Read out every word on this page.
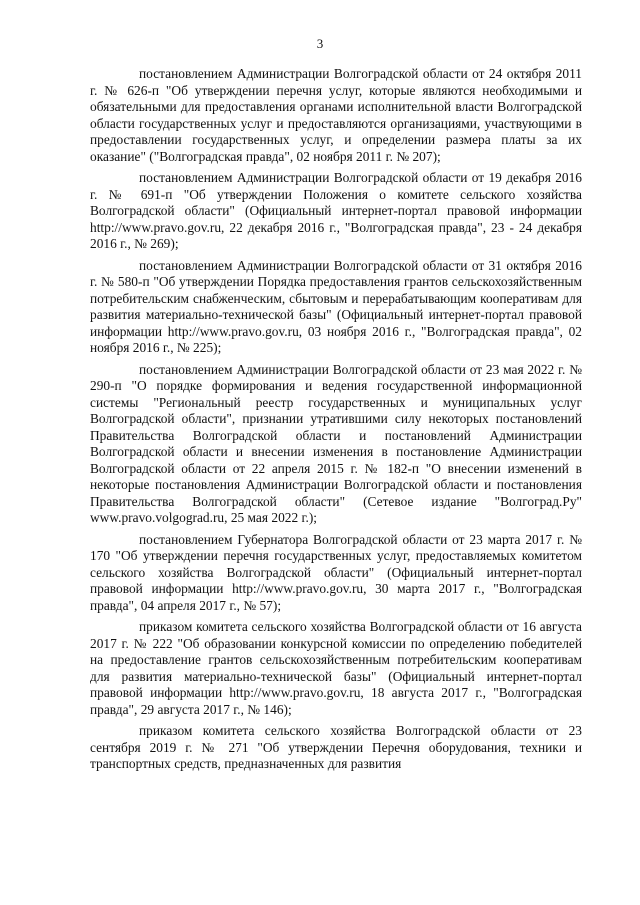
3

постановлением Администрации Волгоградской области от 24 октября 2011 г. № 626-п "Об утверждении перечня услуг, которые являются необходимыми и обязательными для предоставления органами исполнительной власти Волгоградской области государственных услуг и предоставляются организациями, участвующими в предоставлении государственных услуг, и определении размера платы за их оказание" ("Волгоградская правда", 02 ноября 2011 г. № 207);

постановлением Администрации Волгоградской области от 19 декабря 2016 г. № 691-п "Об утверждении Положения о комитете сельского хозяйства Волгоградской области" (Официальный интернет-портал правовой информации http://www.pravo.gov.ru, 22 декабря 2016 г., "Волгоградская правда", 23 - 24 декабря 2016 г., № 269);

постановлением Администрации Волгоградской области от 31 октября 2016 г. № 580-п "Об утверждении Порядка предоставления грантов сельскохозяйственным потребительским снабженческим, сбытовым и перерабатывающим кооперативам для развития материально-технической базы" (Официальный интернет-портал правовой информации http://www.pravo.gov.ru, 03 ноября 2016 г., "Волгоградская правда", 02 ноября 2016 г., № 225);

постановлением Администрации Волгоградской области от 23 мая 2022 г. № 290-п "О порядке формирования и ведения государственной информационной системы "Региональный реестр государственных и муниципальных услуг Волгоградской области", признании утратившими силу некоторых постановлений Правительства Волгоградской области и постановлений Администрации Волгоградской области и внесении изменения в постановление Администрации Волгоградской области от 22 апреля 2015 г. № 182-п "О внесении изменений в некоторые постановления Администрации Волгоградской области и постановления Правительства Волгоградской области" (Сетевое издание "Волгоград.Ру" www.pravo.volgograd.ru, 25 мая 2022 г.);

постановлением Губернатора Волгоградской области от 23 марта 2017 г. № 170 "Об утверждении перечня государственных услуг, предоставляемых комитетом сельского хозяйства Волгоградской области" (Официальный интернет-портал правовой информации http://www.pravo.gov.ru, 30 марта 2017 г., "Волгоградская правда", 04 апреля 2017 г., № 57);

приказом комитета сельского хозяйства Волгоградской области от 16 августа 2017 г. № 222 "Об образовании конкурсной комиссии по определению победителей на предоставление грантов сельскохозяйственным потребительским кооперативам для развития материально-технической базы" (Официальный интернет-портал правовой информации http://www.pravo.gov.ru, 18 августа 2017 г., "Волгоградская правда", 29 августа 2017 г., № 146);

приказом комитета сельского хозяйства Волгоградской области от 23 сентября 2019 г. № 271 "Об утверждении Перечня оборудования, техники и транспортных средств, предназначенных для развития
